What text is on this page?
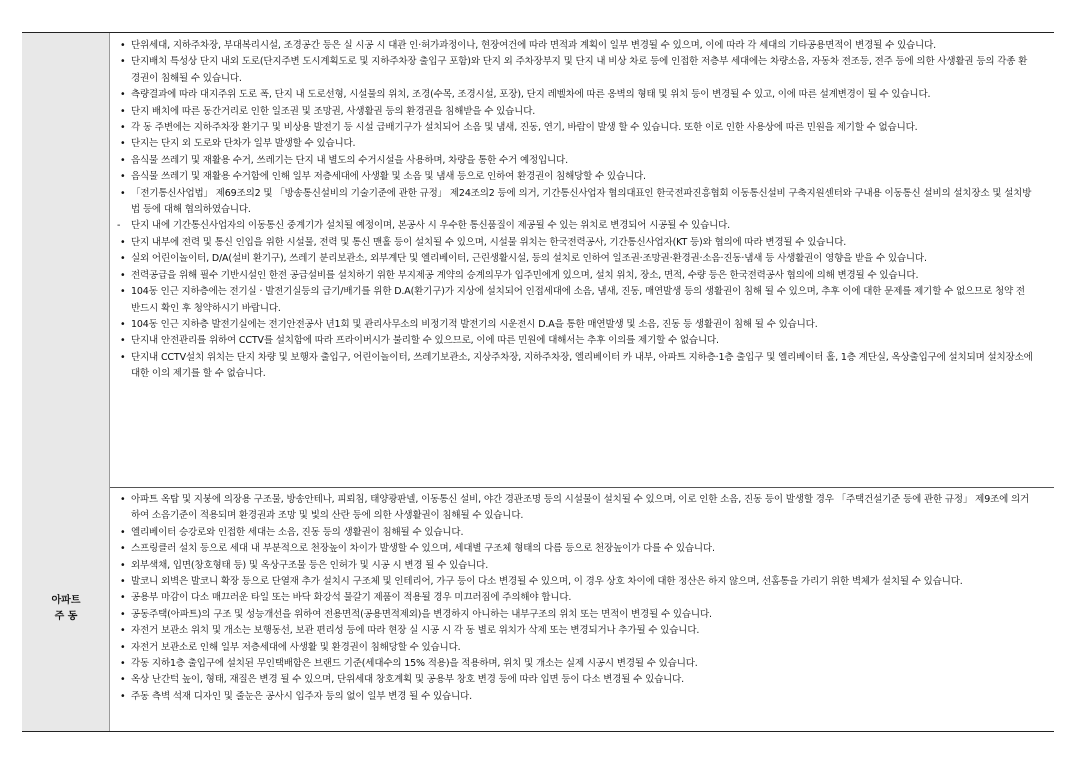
아파트
주 동
• 단위세대, 지하주차장, 부대복리시설, 조경공간 등은 실 시공 시 대관 인·허가과정이나, 현장여건에 따라 면적과 계획이 일부 변경될 수 있으며, 이에 따라 각 세대의 기타공용면적이 변경될 수 있습니다.
• 단지배치 특성상 단지 내외 도로(단지주변 도시계획도로 및 지하주차장 출입구 포함)와 단지 외 주차장부지 및 단지 내 비상 차로 등에 인접한 저층부 세대에는 차량소음, 자동차 전조등, 전주 등에 의한 사생활권 등의 각종 환경권이 침해될 수 있습니다.
• 측량결과에 따라 대지주위 도로 폭, 단지 내 도로선형, 시설물의 위치, 조경(수목, 조경시설, 포장), 단지 레벨차에 따른 옹벽의 형태 및 위치 등이 변경될 수 있고, 이에 따른 설계변경이 될 수 있습니다.
• 단지 배치에 따른 동간거리로 인한 일조권 및 조망권, 사생활권 등의 환경권을 침해받을 수 있습니다.
• 각 동 주변에는 지하주차장 환기구 및 비상용 발전기 등 시설 급배기구가 설치되어 소음 및 냄새, 진동, 연기, 바람이 발생 할 수 있습니다. 또한 이로 인한 사용상에 따른 민원을 제기할 수 없습니다.
• 단지는 단지 외 도로와 단차가 일부 발생할 수 있습니다.
• 음식물 쓰레기 및 재활용 수거, 쓰레기는 단지 내 별도의 수거시설을 사용하며, 차량을 통한 수거 예정입니다.
• 음식물 쓰레기 및 재활용 수거함에 인해 일부 저층세대에 사생활 및 소음 및 냄새 등으로 인하여 환경권이 침해당할 수 있습니다.
• 「전기통신사업법」 제69조의2 및 「방송통신설비의 기술기준에 관한 규정」 제24조의2 등에 의거, 기간통신사업자 협의대표인 한국전파진흥협회 이동통신설비 구축지원센터와 구내용 이동통신 설비의 설치장소 및 설치방법 등에 대해 협의하였습니다.
- 단지 내에 기간통신사업자의 이동통신 중계기가 설치될 예정이며, 본공사 시 우수한 통신품질이 제공될 수 있는 위치로 변경되어 시공될 수 있습니다.
• 단지 내부에 전력 및 통신 인입을 위한 시설물, 전력 및 통신 맨홀 등이 설치될 수 있으며, 시설물 위치는 한국전력공사, 기간통신사업자(KT 등)와 협의에 따라 변경될 수 있습니다.
• 실외 어린이놀이터, D/A(설비 환기구), 쓰레기 분리보관소, 외부계단 및 엘리베이터, 근린생활시설, 등의 설치로 인하여 일조권·조망권·환경권·소음·진동·냄새 등 사생활권이 영향을 받을 수 있습니다.
• 전력공급을 위해 필수 기반시설인 한전 공급설비를 설치하기 위한 부지제공 계약의 승계의무가 입주민에게 있으며, 설치 위치, 장소, 면적, 수량 등은 한국전력공사 협의에 의해 변경될 수 있습니다.
• 104동 인근 지하층에는 전기실 · 발전기실등의 급기/배기를 위한 D.A(환기구)가 지상에 설치되어 인접세대에 소음, 냄새, 진동, 매연발생 등의 생활권이 침해 될 수 있으며, 추후 이에 대한 문제를 제기할 수 없으므로 청약 전 반드시 확인 후 청약하시기 바랍니다.
• 104동 인근 지하층 발전기실에는 전기안전공사 년1회 및 관리사무소의 비정기적 발전기의 시운전시 D.A을 통한 매연발생 및 소음, 진동 등 생활권이 침해 될 수 있습니다.
• 단지내 안전관리를 위하여 CCTV를 설치함에 따라 프라이버시가 불리할 수 있으므로, 이에 따른 민원에 대해서는 추후 이의를 제기할 수 없습니다.
• 단지내 CCTV설치 위치는 단지 차량 및 보행자 출입구, 어린이놀이터, 쓰레기보관소, 지상주차장, 지하주차장, 엘리베이터 카 내부, 아파트 지하층·1층 출입구 및 엘리베이터 홀, 1층 계단실, 옥상출입구에 설치되며 설치장소에 대한 이의 제기를 할 수 없습니다.
• 아파트 옥탑 및 지붕에 의장용 구조물, 방송안테나, 피뢰침, 태양광판넬, 이동통신 설비, 야간 경관조명 등의 시설물이 설치될 수 있으며, 이로 인한 소음, 진동 등이 발생할 경우 「주택건설기준 등에 관한 규정」 제9조에 의거하여 소음기준이 적용되며 환경권과 조망 및 빛의 산란 등에 의한 사생활권이 침해될 수 있습니다.
• 엘리베이터 승강로와 인접한 세대는 소음, 진동 등의 생활권이 침해될 수 있습니다.
• 스프링클러 설치 등으로 세대 내 부분적으로 천장높이 차이가 발생할 수 있으며, 세대별 구조체 형태의 다름 등으로 천장높이가 다를 수 있습니다.
• 외부색채, 입면(창호형태 등) 및 옥상구조물 등은 인허가 및 시공 시 변경 될 수 있습니다.
• 발코니 외벽은 발코니 확장 등으로 단열재 추가 설치시 구조체 및 인테리어, 가구 등이 다소 변경될 수 있으며, 이 경우 상호 차이에 대한 정산은 하지 않으며, 선홈통을 가리기 위한 벽체가 설치될 수 있습니다.
• 공용부 마감이 다소 매끄러운 타일 또는 바닥 화강석 물갈기 제품이 적용될 경우 미끄러짐에 주의해야 합니다.
• 공동주택(아파트)의 구조 및 성능개선을 위하여 전용면적(공용면적제외)을 변경하지 아니하는 내부구조의 위치 또는 면적이 변경될 수 있습니다.
• 자전거 보관소 위치 및 개소는 보행동선, 보관 편리성 등에 따라 현장 실 시공 시 각 동 별로 위치가 삭제 또는 변경되거나 추가될 수 있습니다.
• 자전거 보관소로 인해 일부 저층세대에 사생활 및 환경권이 침해당할 수 있습니다.
• 각동 지하1층 출입구에 설치된 무인택배함은 브랜드 기준(세대수의 15% 적용)을 적용하며, 위치 및 개소는 실제 시공시 변경될 수 있습니다.
• 옥상 난간턱 높이, 형태, 재질은 변경 될 수 있으며, 단위세대 창호계획 및 공용부 창호 변경 등에 따라 입면 등이 다소 변경될 수 있습니다.
• 주동 측벽 석재 디자인 및 줄눈은 공사시 입주자 등의 없이 일부 변경 될 수 있습니다.
